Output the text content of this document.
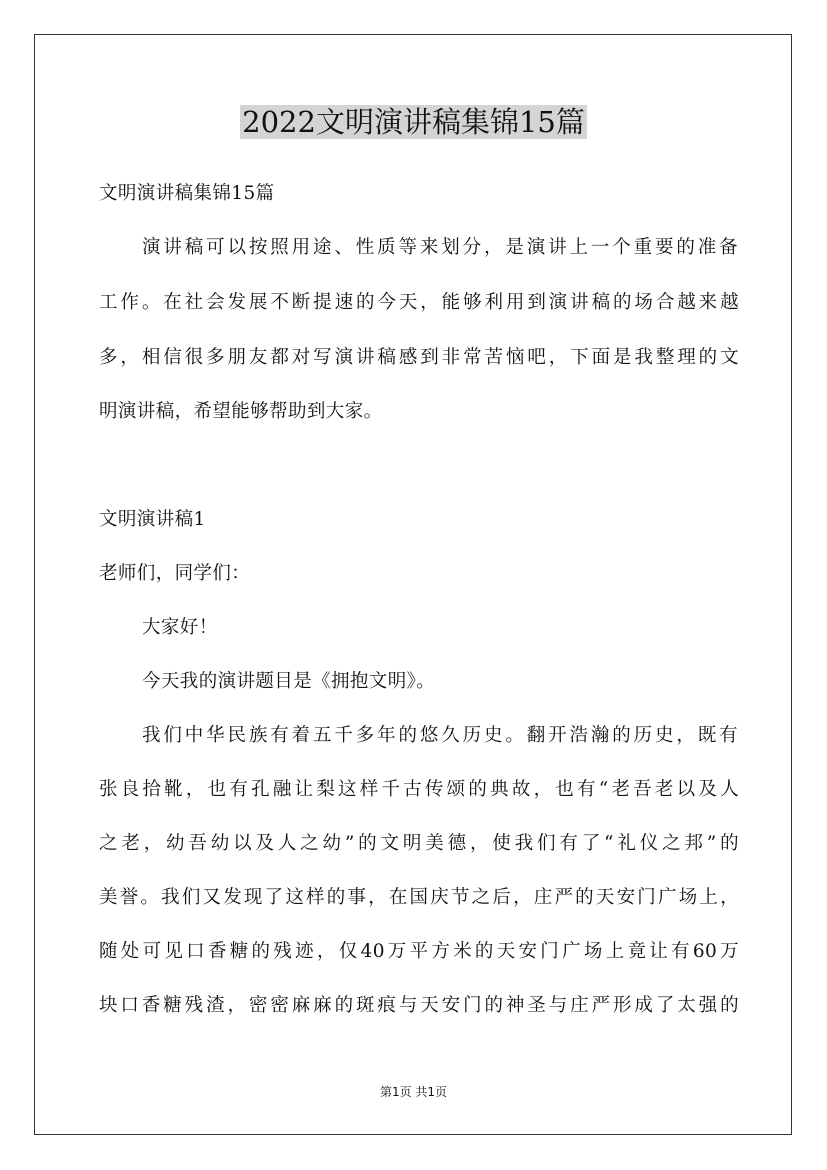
2022文明演讲稿集锦15篇
文明演讲稿集锦15篇
演讲稿可以按照用途、性质等来划分，是演讲上一个重要的准备
工作。在社会发展不断提速的今天，能够利用到演讲稿的场合越来越
多，相信很多朋友都对写演讲稿感到非常苦恼吧，下面是我整理的文
明演讲稿，希望能够帮助到大家。
文明演讲稿1
老师们，同学们：
大家好！
今天我的演讲题目是《拥抱文明》。
我们中华民族有着五千多年的悠久历史。翻开浩瀚的历史，既有
张良拾靴，也有孔融让梨这样千古传颂的典故，也有“老吾老以及人
之老，幼吾幼以及人之幼”的文明美德，使我们有了“礼仪之邦”的
美誉。我们又发现了这样的事，在国庆节之后，庄严的天安门广场上，
随处可见口香糖的残迹，仅40万平方米的天安门广场上竟让有60万
块口香糖残渣，密密麻麻的斑痕与天安门的神圣与庄严形成了太强的
第1页 共1页
